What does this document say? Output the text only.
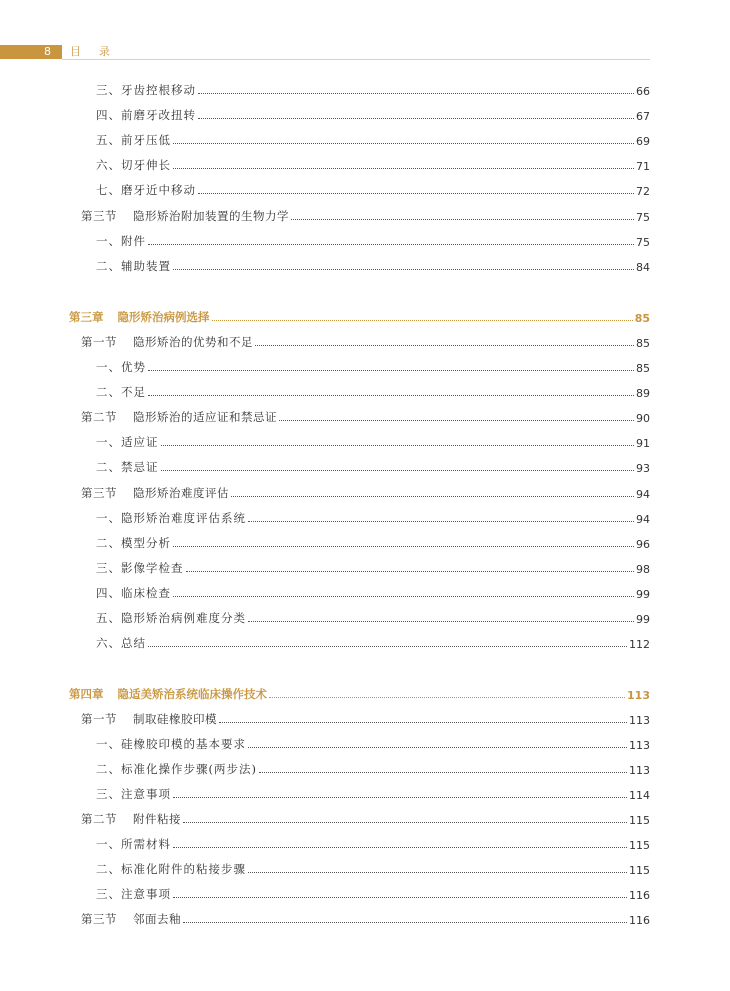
8 目录
三、牙齿控根移动	66
四、前磨牙改扭转	67
五、前牙压低	69
六、切牙伸长	71
七、磨牙近中移动	72
第三节 隐形矫治附加装置的生物力学	75
一、附件	75
二、辅助装置	84
第三章 隐形矫治病例选择	85
第一节 隐形矫治的优势和不足	85
一、优势	85
二、不足	89
第二节 隐形矫治的适应证和禁忌证	90
一、适应证	91
二、禁忌证	93
第三节 隐形矫治难度评估	94
一、隐形矫治难度评估系统	94
二、模型分析	96
三、影像学检查	98
四、临床检查	99
五、隐形矫治病例难度分类	99
六、总结	112
第四章 隐适美矫治系统临床操作技术	113
第一节 制取硅橡胶印模	113
一、硅橡胶印模的基本要求	113
二、标准化操作步骤(两步法)	113
三、注意事项	114
第二节 附件粘接	115
一、所需材料	115
二、标准化附件的粘接步骤	115
三、注意事项	116
第三节 邻面去釉	116
